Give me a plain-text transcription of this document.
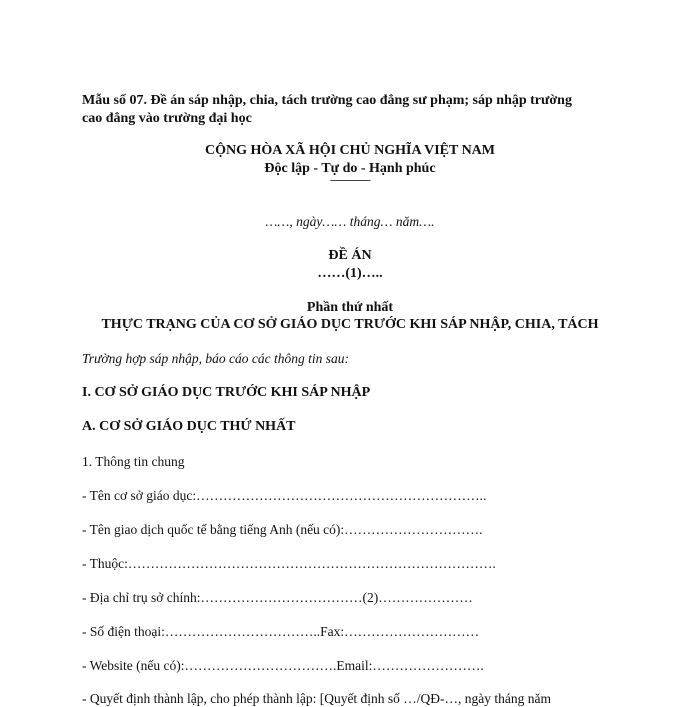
Mẫu số 07. Đề án sáp nhập, chia, tách trường cao đẳng sư phạm; sáp nhập trường
cao đẳng vào trường đại học
CỘNG HÒA XÃ HỘI CHỦ NGHĨA VIỆT NAM
Độc lập - Tự do - Hạnh phúc
---------------
……, ngày…… tháng… năm….
ĐỀ ÁN
……(1)…..
Phần thứ nhất
THỰC TRẠNG CỦA CƠ SỞ GIÁO DỤC TRƯỚC KHI SÁP NHẬP, CHIA, TÁCH
Trường hợp sáp nhập, báo cáo các thông tin sau:
I. CƠ SỞ GIÁO DỤC TRƯỚC KHI SÁP NHẬP
A. CƠ SỞ GIÁO DỤC THỨ NHẤT
1. Thông tin chung
- Tên cơ sở giáo dục:………………………………………………………..
- Tên giao dịch quốc tế bằng tiếng Anh (nếu có):………………………….
- Thuộc:……………………………………………………………………….
- Địa chỉ trụ sở chính:………………………………(2)…………………
- Số điện thoại:……………………………..Fax:…………………………
- Website (nếu có):…………………………….Email:…………………….
- Quyết định thành lập, cho phép thành lập: [Quyết định số …/QĐ-…, ngày tháng năm
